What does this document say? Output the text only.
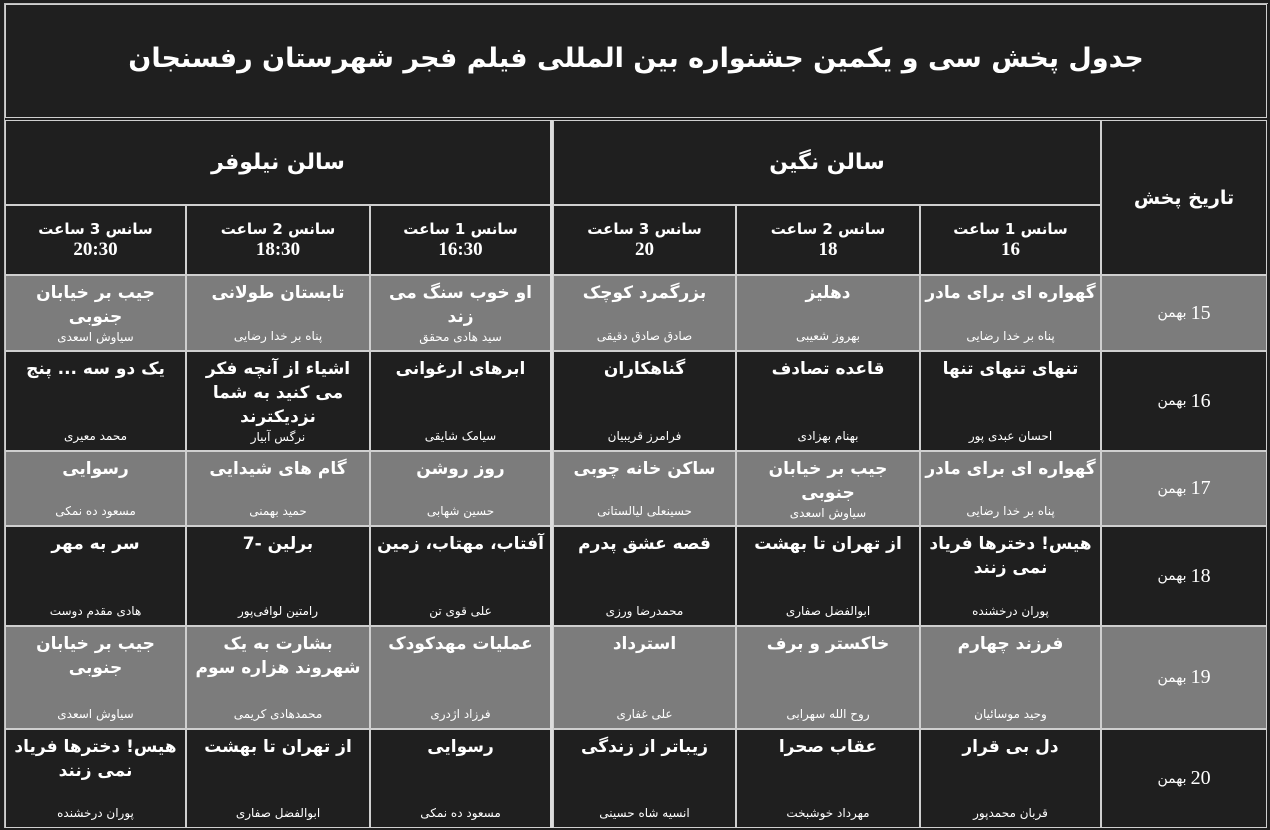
جدول پخش سی و یکمین جشنواره بین المللی فیلم فجر شهرستان رفسنجان
سالن نگین
سالن نیلوفر
تاریخ پخش
سانس 1 ساعت
16
سانس 2 ساعت
18
سانس 3 ساعت
20
سانس 1 ساعت
16:30
سانس 2 ساعت
18:30
سانس 3 ساعت
20:30
15
بهمن
گهواره ای برای مادر
پناه بر خدا رضایی
دهلیز
بهروز شعیبی
بزرگمرد کوچک
صادق صادق دقیقی
او خوب سنگ می زند
سید هادی محقق
تابستان طولانی
پناه بر خدا رضایی
جیب بر خیابان جنوبی
سیاوش اسعدی
16
بهمن
تنهای تنهای تنها
احسان عبدی پور
قاعده تصادف
بهنام بهزادی
گناهکاران
فرامرز قریبیان
ابرهای ارغوانی
سیامک شایقی
اشیاء از آنچه فکر می کنید به شما نزدیکترند
نرگس آبیار
یک دو سه ... پنج
محمد معیری
17
بهمن
گهواره ای برای مادر
پناه بر خدا رضایی
جیب بر خیابان جنوبی
سیاوش اسعدی
ساکن خانه چوبی
حسینعلی لیالستانی
روز روشن
حسین شهابی
گام های شیدایی
حمید بهمنی
رسوایی
مسعود ده نمکی
18
بهمن
هیس! دخترها فریاد نمی زنند
پوران درخشنده
از تهران تا بهشت
ابوالفضل صفاری
قصه عشق پدرم
محمدرضا ورزی
آفتاب، مهتاب، زمین
علی قوی تن
برلین -7
رامتین لوافی‌پور
سر به مهر
هادی مقدم دوست
19
بهمن
فرزند چهارم
وحید موسائیان
خاکستر و برف
روح الله سهرابی
استرداد
علی غفاری
عملیات مهدکودک
فرزاد اژدری
بشارت به یک شهروند هزاره سوم
محمدهادی کریمی
جیب بر خیابان جنوبی
سیاوش اسعدی
20
بهمن
دل بی قرار
قربان محمدپور
عقاب صحرا
مهرداد خوشبخت
زیباتر از زندگی
انسیه شاه حسینی
رسوایی
مسعود ده نمکی
از تهران تا بهشت
ابوالفضل صفاری
هیس! دخترها فریاد نمی زنند
پوران درخشنده
